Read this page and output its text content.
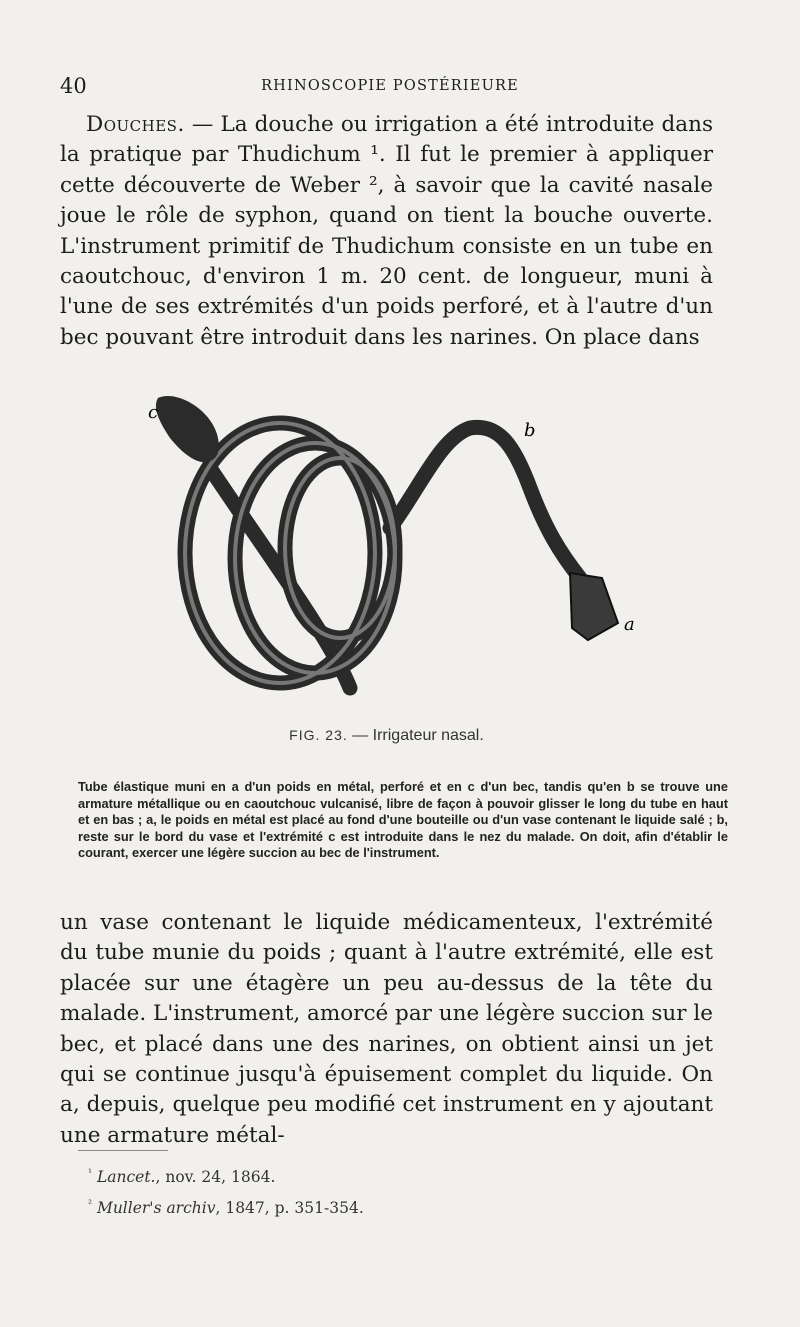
40	RHINOSCOPIE POSTÉRIEURE

Douches. — La douche ou irrigation a été introduite dans la pratique par Thudichum ¹. Il fut le premier à appliquer cette découverte de Weber ², à savoir que la cavité nasale joue le rôle de syphon, quand on tient la bouche ouverte. L'instrument primitif de Thudichum consiste en un tube en caoutchouc, d'environ 1 m. 20 cent. de longueur, muni à l'une de ses extrémités d'un poids perforé, et à l'autre d'un bec pouvant être introduit dans les narines. On place dans

c
b
a
FIG. 23. — Irrigateur nasal.

Tube élastique muni en a d'un poids en métal, perforé et en c d'un bec, tandis qu'en b se trouve une armature métallique ou en caoutchouc vulcanisé, libre de façon à pouvoir glisser le long du tube en haut et en bas ; a, le poids en métal est placé au fond d'une bouteille ou d'un vase contenant le liquide salé ; b, reste sur le bord du vase et l'extrémité c est introduite dans le nez du malade. On doit, afin d'établir le courant, exercer une légère succion au bec de l'instrument.

un vase contenant le liquide médicamenteux, l'extrémité du tube munie du poids ; quant à l'autre extrémité, elle est placée sur une étagère un peu au-dessus de la tête du malade. L'instrument, amorcé par une légère succion sur le bec, et placé dans une des narines, on obtient ainsi un jet qui se continue jusqu'à épuisement complet du liquide. On a, depuis, quelque peu modifié cet instrument en y ajoutant une armature métal-

$^{^1}$ Lancet., nov. 24, 1864.

$^{^2}$ Muller's archiv, 1847, p. 351-354.
